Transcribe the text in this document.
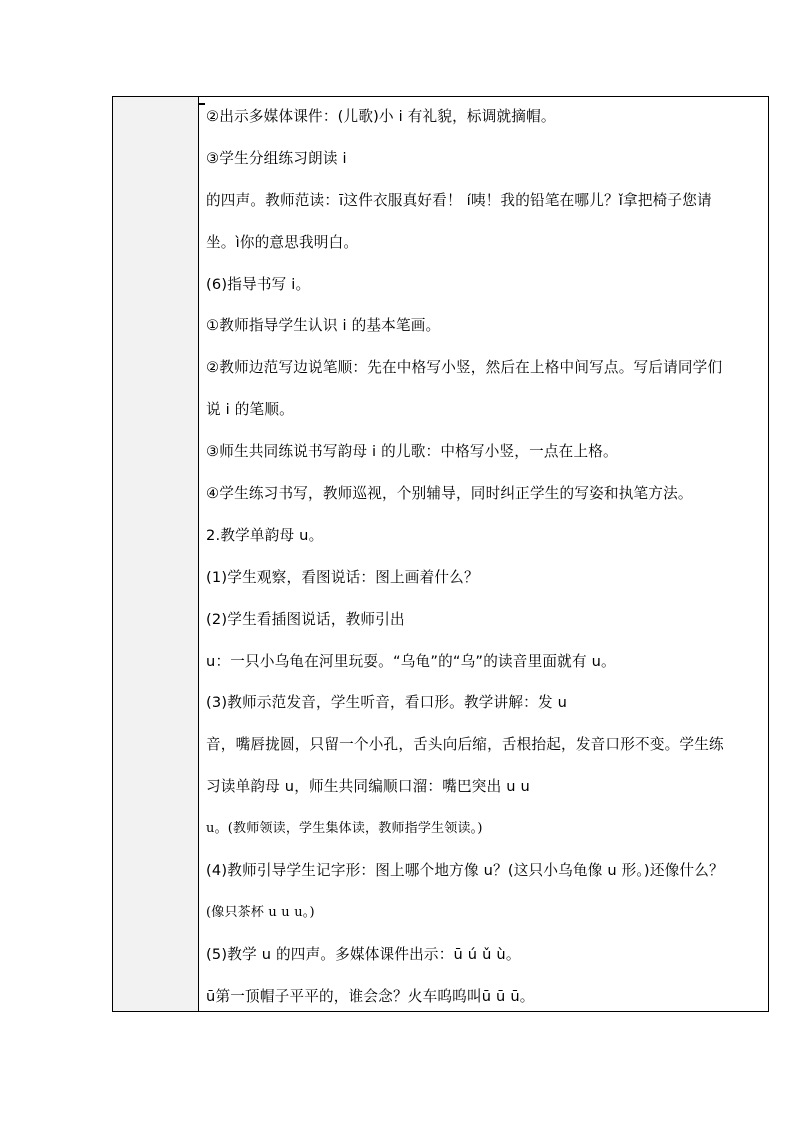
②出示多媒体课件：(儿歌)小 i 有礼貌，标调就摘帽。
③学生分组练习朗读 i
的四声。教师范读：ī这件衣服真好看！ í咦！我的铅笔在哪儿？ǐ拿把椅子您请
坐。ì你的意思我明白。
(6)指导书写 i。
①教师指导学生认识 i 的基本笔画。
②教师边范写边说笔顺：先在中格写小竖，然后在上格中间写点。写后请同学们
说 i 的笔顺。
③师生共同练说书写韵母 i 的儿歌：中格写小竖，一点在上格。
④学生练习书写，教师巡视，个别辅导，同时纠正学生的写姿和执笔方法。
2.教学单韵母 u。
(1)学生观察，看图说话：图上画着什么？
(2)学生看插图说话，教师引出
u：一只小乌龟在河里玩耍。“乌龟”的“乌”的读音里面就有 u。
(3)教师示范发音，学生听音，看口形。教学讲解：发 u
音，嘴唇拢圆，只留一个小孔，舌头向后缩，舌根抬起，发音口形不变。学生练
习读单韵母 u，师生共同编顺口溜：嘴巴突出 u u
u。(教师领读，学生集体读，教师指学生领读。)
(4)教师引导学生记字形：图上哪个地方像 u？(这只小乌龟像 u 形。)还像什么？
(像只茶杯 u u u。)
(5)教学 u 的四声。多媒体课件出示：ū ú ǔ ù。
ū第一顶帽子平平的，谁会念？火车呜呜叫ū ū ū。
